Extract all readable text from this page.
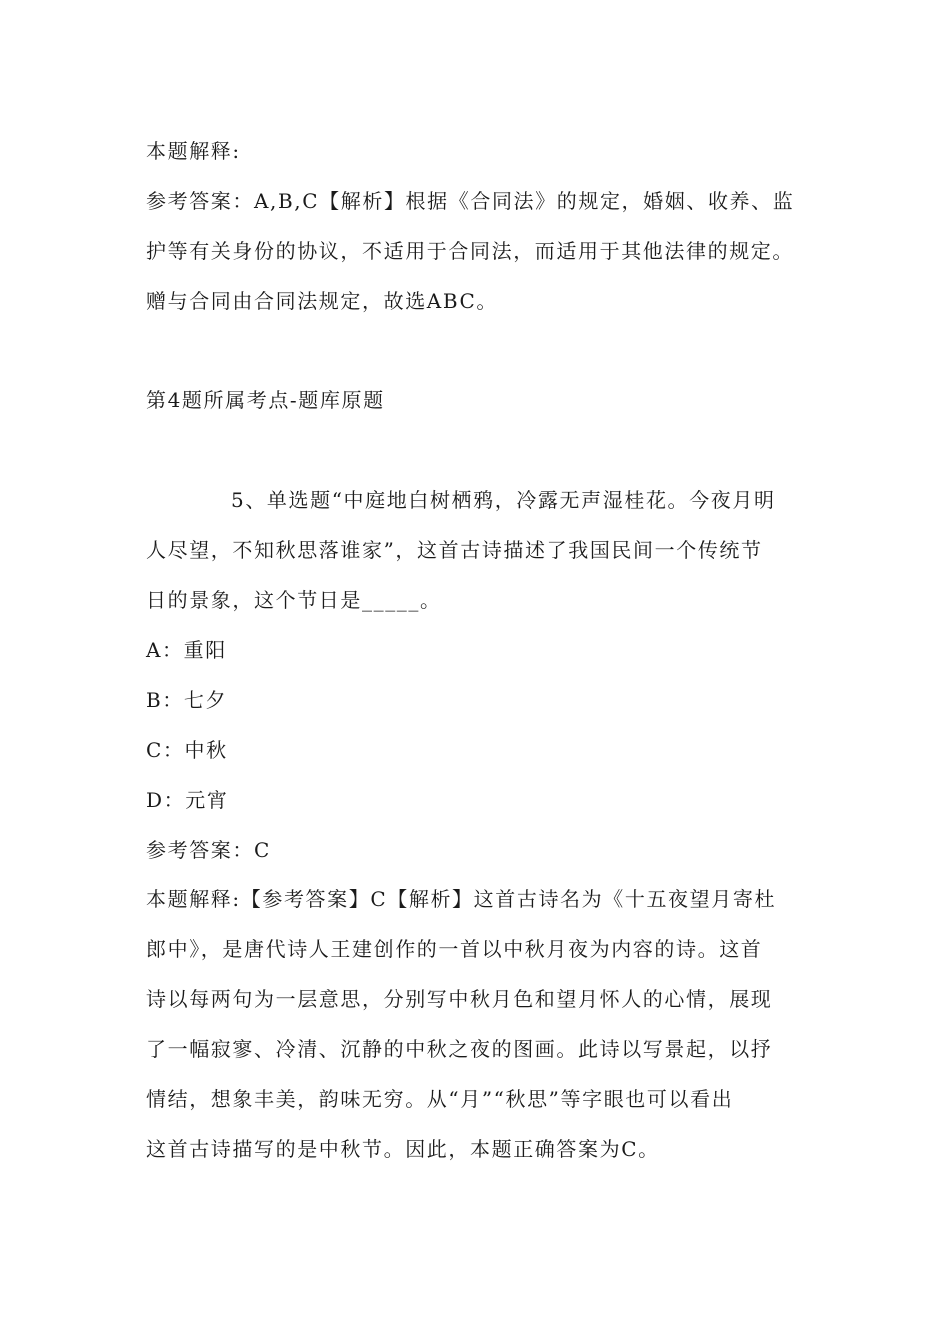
本题解释:
参考答案：A,B,C【解析】根据《合同法》的规定，婚姻、收养、监
护等有关身份的协议，不适用于合同法，而适用于其他法律的规定。
赠与合同由合同法规定，故选ABC。
第4题所属考点-题库原题
5、单选题“中庭地白树栖鸦，冷露无声湿桂花。今夜月明
人尽望，不知秋思落谁家”，这首古诗描述了我国民间一个传统节
日的景象，这个节日是_____。
A：重阳
B：七夕
C：中秋
D：元宵
参考答案：C
本题解释:【参考答案】C【解析】这首古诗名为《十五夜望月寄杜
郎中》，是唐代诗人王建创作的一首以中秋月夜为内容的诗。这首
诗以每两句为一层意思，分别写中秋月色和望月怀人的心情，展现
了一幅寂寥、冷清、沉静的中秋之夜的图画。此诗以写景起，以抒
情结，想象丰美，韵味无穷。从“月”“秋思”等字眼也可以看出
这首古诗描写的是中秋节。因此，本题正确答案为C。
